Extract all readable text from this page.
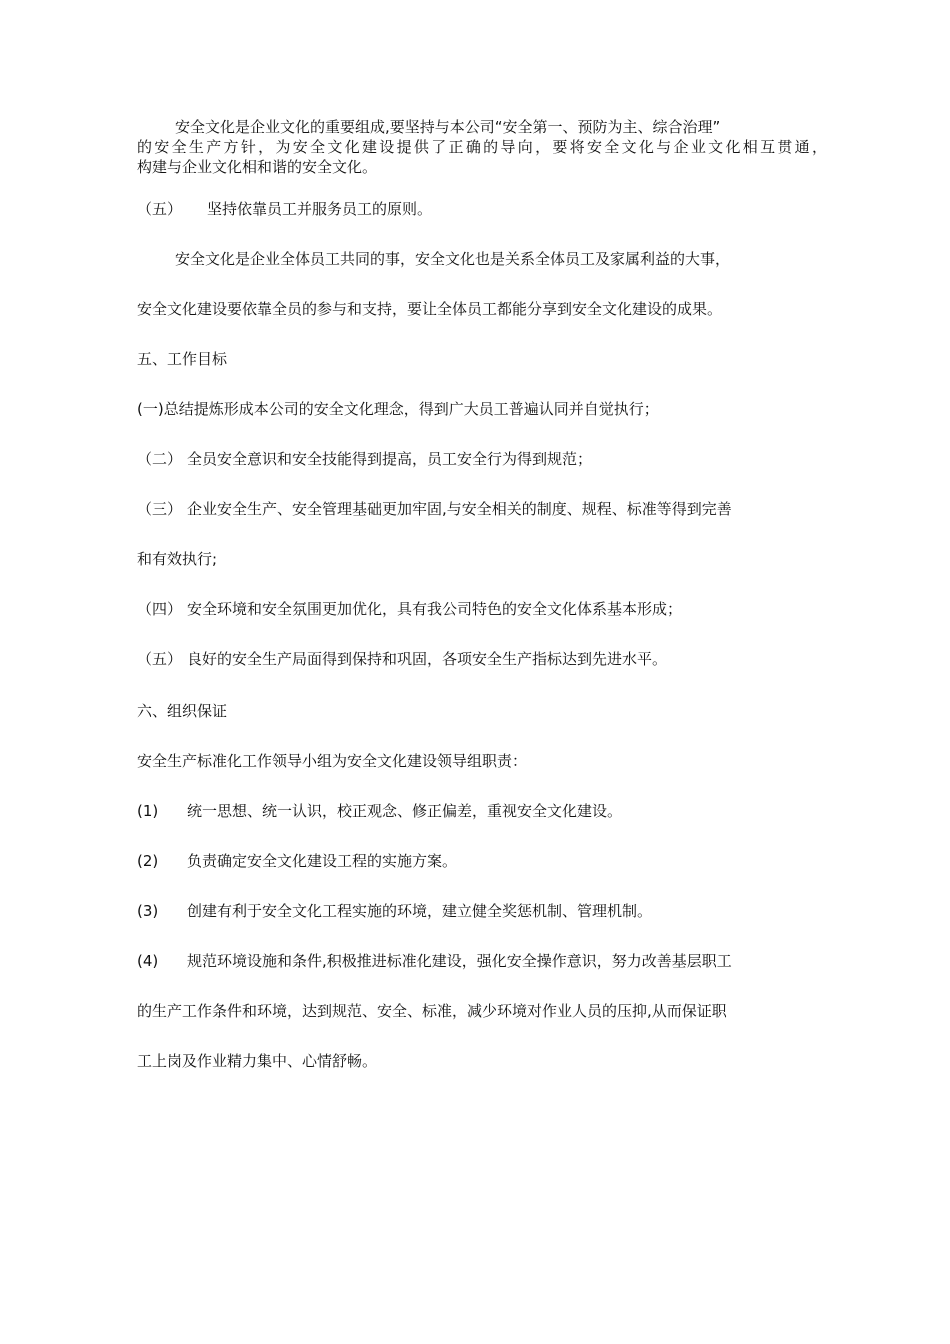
安全文化是企业文化的重要组成,要坚持与本公司“安全第一、预防为主、综合治理”
的安全生产方针，为安全文化建设提供了正确的导向，要将安全文化与企业文化相互贯通，
构建与企业文化相和谐的安全文化。
（五） 坚持依靠员工并服务员工的原则。
安全文化是企业全体员工共同的事，安全文化也是关系全体员工及家属利益的大事，
安全文化建设要依靠全员的参与和支持，要让全体员工都能分享到安全文化建设的成果。
五、工作目标
(一)总结提炼形成本公司的安全文化理念，得到广大员工普遍认同并自觉执行；
（二） 全员安全意识和安全技能得到提高，员工安全行为得到规范；
（三） 企业安全生产、安全管理基础更加牢固,与安全相关的制度、规程、标准等得到完善
和有效执行;
（四） 安全环境和安全氛围更加优化，具有我公司特色的安全文化体系基本形成；
（五） 良好的安全生产局面得到保持和巩固，各项安全生产指标达到先进水平。
六、组织保证
安全生产标准化工作领导小组为安全文化建设领导组职责：
(1) 统一思想、统一认识，校正观念、修正偏差，重视安全文化建设。
(2) 负责确定安全文化建设工程的实施方案。
(3) 创建有利于安全文化工程实施的环境，建立健全奖惩机制、管理机制。
(4) 规范环境设施和条件,积极推进标准化建设，强化安全操作意识，努力改善基层职工
的生产工作条件和环境，达到规范、安全、标准，减少环境对作业人员的压抑,从而保证职
工上岗及作业精力集中、心情舒畅。
